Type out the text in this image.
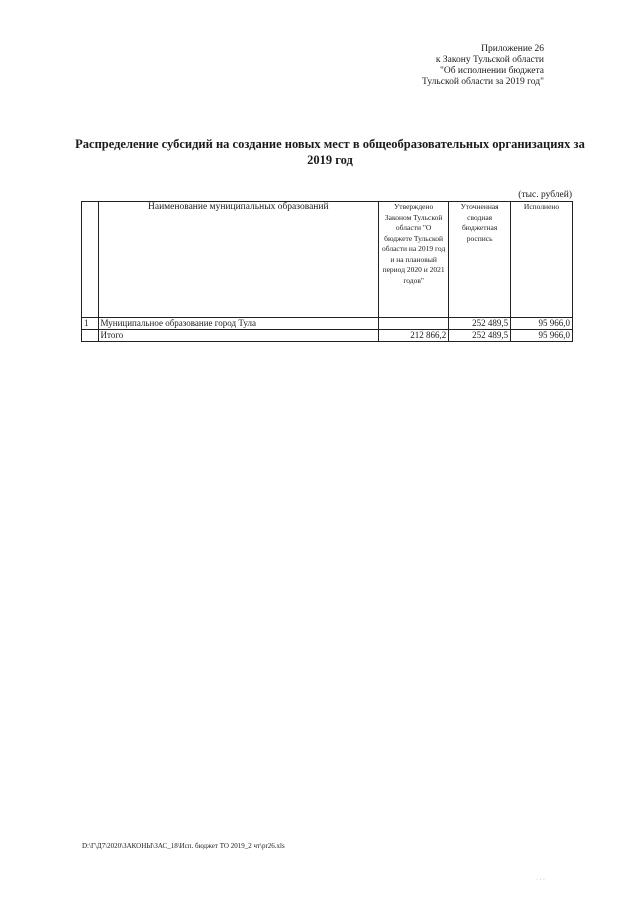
Приложение 26
к Закону Тульской области
"Об исполнении бюджета
Тульской области за 2019 год"
Распределение субсидий на создание новых мест в общеобразовательных организациях за 2019 год
(тыс. рублей)
	Наименование муниципальных образований	Утверждено Законом Тульской области "О бюджете Тульской области на 2019 год и на плановый период 2020 и 2021 годов"	Уточненная сводная бюджетная роспись	Исполнено
1	Муниципальное образование город Тула		252 489,5	95 966,0
	Итого	212 866,2	252 489,5	95 966,0
D:\Г\Д7\2020\ЗАКОНЫ\ЗАС_18\Исп. бюджет ТО 2019_2 чт\pr26.xls
· · ·
